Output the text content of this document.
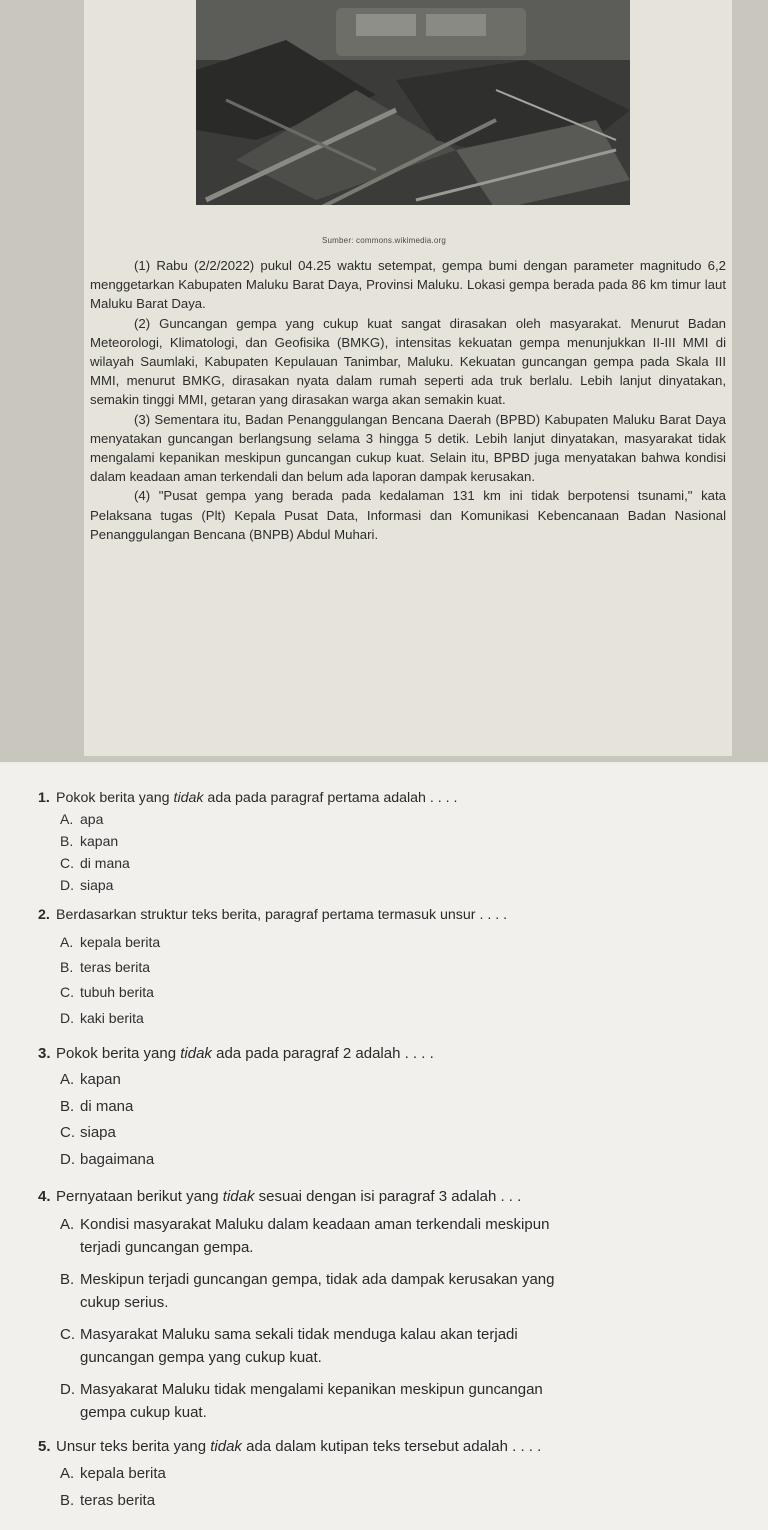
Sumber: commons.wikimedia.org

(1) Rabu (2/2/2022) pukul 04.25 waktu setempat, gempa bumi dengan parameter magnitudo 6,2 menggetarkan Kabupaten Maluku Barat Daya, Provinsi Maluku. Lokasi gempa berada pada 86 km timur laut Maluku Barat Daya.

(2) Guncangan gempa yang cukup kuat sangat dirasakan oleh masyarakat. Menurut Badan Meteorologi, Klimatologi, dan Geofisika (BMKG), intensitas kekuatan gempa menunjukkan II-III MMI di wilayah Saumlaki, Kabupaten Kepulauan Tanimbar, Maluku. Kekuatan guncangan gempa pada Skala III MMI, menurut BMKG, dirasakan nyata dalam rumah seperti ada truk berlalu. Lebih lanjut dinyatakan, semakin tinggi MMI, getaran yang dirasakan warga akan semakin kuat.

(3) Sementara itu, Badan Penanggulangan Bencana Daerah (BPBD) Kabupaten Maluku Barat Daya menyatakan guncangan berlangsung selama 3 hingga 5 detik. Lebih lanjut dinyatakan, masyarakat tidak mengalami kepanikan meskipun guncangan cukup kuat. Selain itu, BPBD juga menyatakan bahwa kondisi dalam keadaan aman terkendali dan belum ada laporan dampak kerusakan.

(4) "Pusat gempa yang berada pada kedalaman 131 km ini tidak berpotensi tsunami," kata Pelaksana tugas (Plt) Kepala Pusat Data, Informasi dan Komunikasi Kebencanaan Badan Nasional Penanggulangan Bencana (BNPB) Abdul Muhari.

1. Pokok berita yang tidak ada pada paragraf pertama adalah . . . .
A. apa
B. kapan
C. di mana
D. siapa
2. Berdasarkan struktur teks berita, paragraf pertama termasuk unsur . . . .
A. kepala berita
B. teras berita
C. tubuh berita
D. kaki berita
3. Pokok berita yang tidak ada pada paragraf 2 adalah . . . .
A. kapan
B. di mana
C. siapa
D. bagaimana
4. Pernyataan berikut yang tidak sesuai dengan isi paragraf 3 adalah . . .
A. Kondisi masyarakat Maluku dalam keadaan aman terkendali meskipun
terjadi guncangan gempa.
B. Meskipun terjadi guncangan gempa, tidak ada dampak kerusakan yang
cukup serius.
C. Masyarakat Maluku sama sekali tidak menduga kalau akan terjadi
guncangan gempa yang cukup kuat.
D. Masyakarat Maluku tidak mengalami kepanikan meskipun guncangan
gempa cukup kuat.
5. Unsur teks berita yang tidak ada dalam kutipan teks tersebut adalah . . . .
A. kepala berita
B. teras berita
